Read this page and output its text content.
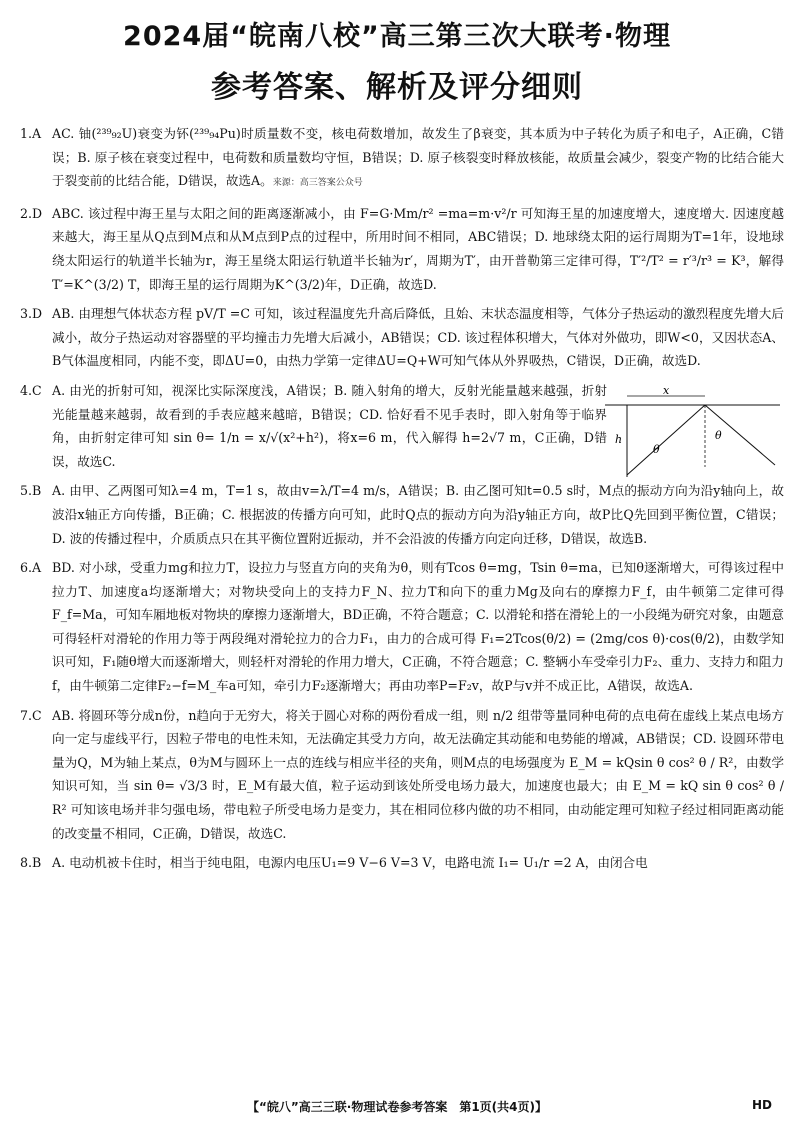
2024届“皖南八校”高三第三次大联考·物理
参考答案、解析及评分细则
1.A AC. 铀(²³⁹₉₂U)衰变为钚(²³⁹₉₄Pu)时质量数不变，核电荷数增加，故发生了β衰变，其本质为中子转化为质子和电子，A正确，C错误；B. 原子核在衰变过程中，电荷数和质量数均守恒，B错误；D. 原子核裂变时释放核能，故质量会减少，裂变产物的比结合能大于裂变前的比结合能，D错误，故选A。来源：高三答案公众号
2.D ABC. 该过程中海王星与太阳之间的距离逐渐减小，由 F=G·Mm/r² =ma=m·v²/r 可知海王星的加速度增大，速度增大. 因速度越来越大，海王星从Q点到M点和从M点到P点的过程中，所用时间不相同，ABC错误；D. 地球绕太阳的运行周期为T=1年，设地球绕太阳运行的轨道半长轴为r，海王星绕太阳运行轨道半长轴为r′，周期为T′，由开普勒第三定律可得，T′²/T² = r′³/r³ = K³，解得 T′=K^(3/2) T，即海王星的运行周期为K^(3/2)年，D正确，故选D.
3.D AB. 由理想气体状态方程 pV/T =C 可知，该过程温度先升高后降低，且始、末状态温度相等，气体分子热运动的激烈程度先增大后减小，故分子热运动对容器壁的平均撞击力先增大后减小，AB错误；CD. 该过程体积增大，气体对外做功，即W<0，又因状态A、B气体温度相同，内能不变，即ΔU=0，由热力学第一定律ΔU=Q+W可知气体从外界吸热，C错误，D正确，故选D.
4.C A. 由光的折射可知，视深比实际深度浅，A错误；B. 随入射角的增大，反射光能量越来越强，折射光能量越来越弱，故看到的手表应越来越暗，B错误；CD. 恰好看不见手表时，即入射角等于临界角，由折射定律可知 sin θ= 1/n = x/√(x²+h²)，将x=6 m，代入解得 h=2√7 m，C正确，D错误，故选C.
x
h
θ
θ
5.B A. 由甲、乙两图可知λ=4 m，T=1 s，故由v=λ/T=4 m/s，A错误；B. 由乙图可知t=0.5 s时，M点的振动方向为沿y轴向上，故波沿x轴正方向传播，B正确；C. 根据波的传播方向可知，此时Q点的振动方向为沿y轴正方向，故P比Q先回到平衡位置，C错误；D. 波的传播过程中，介质质点只在其平衡位置附近振动，并不会沿波的传播方向定向迁移，D错误，故选B.
6.A BD. 对小球，受重力mg和拉力T，设拉力与竖直方向的夹角为θ，则有Tcos θ=mg，Tsin θ=ma，已知θ逐渐增大，可得该过程中拉力T、加速度a均逐渐增大；对物块受向上的支持力F_N、拉力T和向下的重力Mg及向右的摩擦力F_f，由牛顿第二定律可得F_f=Ma，可知车厢地板对物块的摩擦力逐渐增大，BD正确，不符合题意；C. 以滑轮和搭在滑轮上的一小段绳为研究对象，由题意可得轻杆对滑轮的作用力等于两段绳对滑轮拉力的合力F₁，由力的合成可得 F₁=2Tcos(θ/2) = (2mg/cos θ)·cos(θ/2)，由数学知识可知，F₁随θ增大而逐渐增大，则轻杆对滑轮的作用力增大，C正确，不符合题意；C. 整辆小车受牵引力F₂、重力、支持力和阻力f，由牛顿第二定律F₂−f=M_车a可知，牵引力F₂逐渐增大；再由功率P=F₂v，故P与v并不成正比，A错误，故选A.
7.C AB. 将圆环等分成n份，n趋向于无穷大，将关于圆心对称的两份看成一组，则 n/2 组带等量同种电荷的点电荷在虚线上某点电场方向一定与虚线平行，因粒子带电的电性未知，无法确定其受力方向，故无法确定其动能和电势能的增减，AB错误；CD. 设圆环带电量为Q，M为轴上某点，θ为M与圆环上一点的连线与相应半径的夹角，则M点的电场强度为 E_M = kQsin θ cos² θ / R²，由数学知识可知，当 sin θ= √3/3 时，E_M有最大值，粒子运动到该处所受电场力最大，加速度也最大；由 E_M = kQ sin θ cos² θ / R² 可知该电场并非匀强电场，带电粒子所受电场力是变力，其在相同位移内做的功不相同，由动能定理可知粒子经过相同距离动能的改变量不相同，C正确，D错误，故选C.
8.B A. 电动机被卡住时，相当于纯电阻，电源内电压U₁=9 V−6 V=3 V，电路电流 I₁= U₁/r =2 A，由闭合电
【“皖八”高三三联·物理试卷参考答案　第1页(共4页)】	HD
